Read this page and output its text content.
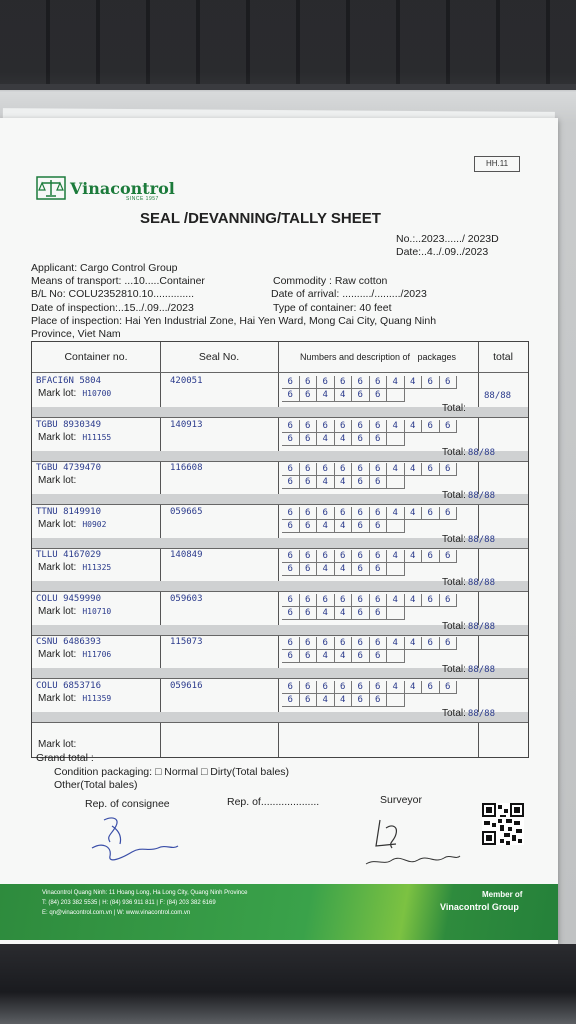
HH.11
Vinacontrol
SINCE 1957
SEAL /DEVANNING/TALLY SHEET
No.:..2023....../ 2023D
Date:..4../.09../2023
Applicant: Cargo Control Group
Means of transport: ...10.....Container
B/L No: COLU2352810.10..............
Date of inspection:..15../.09.../2023
Place of inspection: Hai Yen Industrial Zone, Hai Yen Ward, Mong Cai City, Quang Ninh
Province, Viet Nam
Commodity : Raw cotton
Date of arrival: ........../........./2023
Type of container: 40 feet
Container no.	Seal No.	Numbers and description of
packages	total
BFACI6N 5804	420051
Mark lot: H10700
6	6	6	6	6	6	4	4	6	6
6	6	4	4	6	6	88/88
Total:
TGBU 8930349	140913
Mark lot: H11155
6	6	6	6	6	6	4	4	6	6
6	6	4	4	6	6
Total: 88/88
TGBU 4739470	116608
Mark lot:
6	6	6	6	6	6	4	4	6	6
6	6	4	4	6	6
Total: 88/88
TTNU 8149910	059665
Mark lot: H0902
6	6	6	6	6	6	4	4	6	6
6	6	4	4	6	6
Total: 88/88
TLLU 4167029	140849
Mark lot: H11325
6	6	6	6	6	6	4	4	6	6
6	6	4	4	6	6
Total: 88/88
COLU 9459990	059603
Mark lot: H10710
6	6	6	6	6	6	4	4	6	6
6	6	4	4	6	6
Total: 88/88
CSNU 6486393	115073
Mark lot: H11706
6	6	6	6	6	6	4	4	6	6
6	6	4	4	6	6
Total: 88/88
COLU 6853716	059616
Mark lot: H11359
6	6	6	6	6	6	4	4	6	6
6	6	4	4	6	6
Total: 88/88
Mark lot:
Grand total :
Condition packaging: □ Normal □ Dirty(Total bales)
Other(Total bales)
Rep. of consignee	Rep. of....................	Surveyor
Vinacontrol Quang Ninh: 11 Hoang Long, Ha Long City, Quang Ninh Province
T: (84) 203 382 5535 | H: (84) 936 911 811 | F: (84) 203 382 6169
E: qn@vinacontrol.com.vn | W: www.vinacontrol.com.vn
Member of
Vinacontrol Group
